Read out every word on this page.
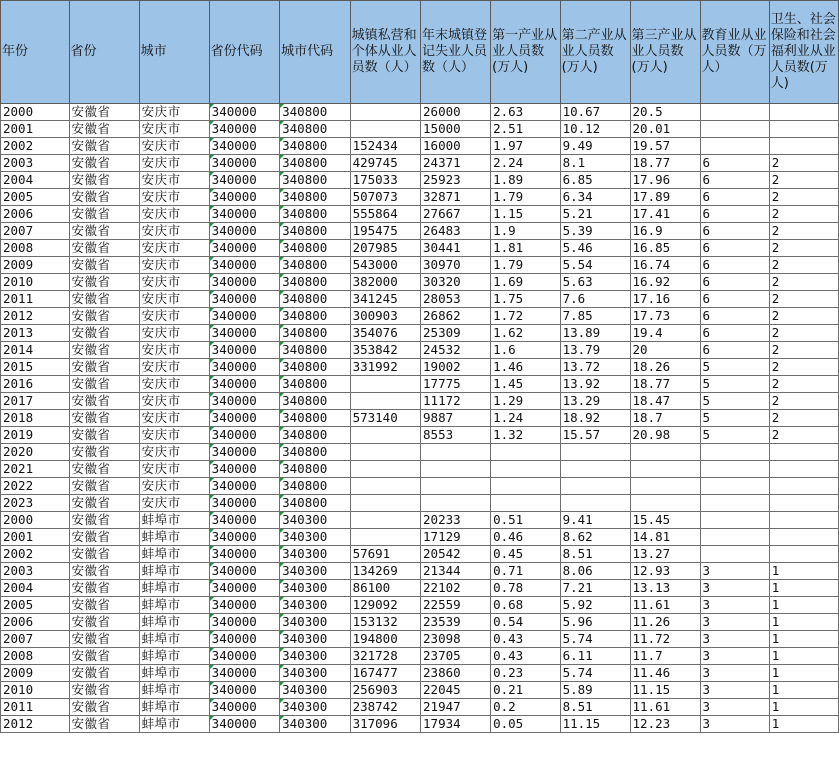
年份	省份	城市	省份代码	城市代码	城镇私营和个体从业人员数（人）	年末城镇登记失业人员数（人）	第一产业从业人员数(万人)	第二产业从业人员数(万人)	第三产业从业人员数(万人)	教育业从业人员数（万人）	卫生、社会保险和社会福利业从业人员数(万人)

2000	安徽省	安庆市	340000	340800		26000	2.63	10.67	20.5		
2001	安徽省	安庆市	340000	340800		15000	2.51	10.12	20.01		
2002	安徽省	安庆市	340000	340800	152434	16000	1.97	9.49	19.57		
2003	安徽省	安庆市	340000	340800	429745	24371	2.24	8.1	18.77	6	2
2004	安徽省	安庆市	340000	340800	175033	25923	1.89	6.85	17.96	6	2
2005	安徽省	安庆市	340000	340800	507073	32871	1.79	6.34	17.89	6	2
2006	安徽省	安庆市	340000	340800	555864	27667	1.15	5.21	17.41	6	2
2007	安徽省	安庆市	340000	340800	195475	26483	1.9	5.39	16.9	6	2
2008	安徽省	安庆市	340000	340800	207985	30441	1.81	5.46	16.85	6	2
2009	安徽省	安庆市	340000	340800	543000	30970	1.79	5.54	16.74	6	2
2010	安徽省	安庆市	340000	340800	382000	30320	1.69	5.63	16.92	6	2
2011	安徽省	安庆市	340000	340800	341245	28053	1.75	7.6	17.16	6	2
2012	安徽省	安庆市	340000	340800	300903	26862	1.72	7.85	17.73	6	2
2013	安徽省	安庆市	340000	340800	354076	25309	1.62	13.89	19.4	6	2
2014	安徽省	安庆市	340000	340800	353842	24532	1.6	13.79	20	6	2
2015	安徽省	安庆市	340000	340800	331992	19002	1.46	13.72	18.26	5	2
2016	安徽省	安庆市	340000	340800		17775	1.45	13.92	18.77	5	2
2017	安徽省	安庆市	340000	340800		11172	1.29	13.29	18.47	5	2
2018	安徽省	安庆市	340000	340800	573140	9887	1.24	18.92	18.7	5	2
2019	安徽省	安庆市	340000	340800		8553	1.32	15.57	20.98	5	2
2020	安徽省	安庆市	340000	340800							
2021	安徽省	安庆市	340000	340800							
2022	安徽省	安庆市	340000	340800							
2023	安徽省	安庆市	340000	340800							
2000	安徽省	蚌埠市	340000	340300		20233	0.51	9.41	15.45		
2001	安徽省	蚌埠市	340000	340300		17129	0.46	8.62	14.81		
2002	安徽省	蚌埠市	340000	340300	57691	20542	0.45	8.51	13.27		
2003	安徽省	蚌埠市	340000	340300	134269	21344	0.71	8.06	12.93	3	1
2004	安徽省	蚌埠市	340000	340300	86100	22102	0.78	7.21	13.13	3	1
2005	安徽省	蚌埠市	340000	340300	129092	22559	0.68	5.92	11.61	3	1
2006	安徽省	蚌埠市	340000	340300	153132	23539	0.54	5.96	11.26	3	1
2007	安徽省	蚌埠市	340000	340300	194800	23098	0.43	5.74	11.72	3	1
2008	安徽省	蚌埠市	340000	340300	321728	23705	0.43	6.11	11.7	3	1
2009	安徽省	蚌埠市	340000	340300	167477	23860	0.23	5.74	11.46	3	1
2010	安徽省	蚌埠市	340000	340300	256903	22045	0.21	5.89	11.15	3	1
2011	安徽省	蚌埠市	340000	340300	238742	21947	0.2	8.51	11.61	3	1
2012	安徽省	蚌埠市	340000	340300	317096	17934	0.05	11.15	12.23	3	1
